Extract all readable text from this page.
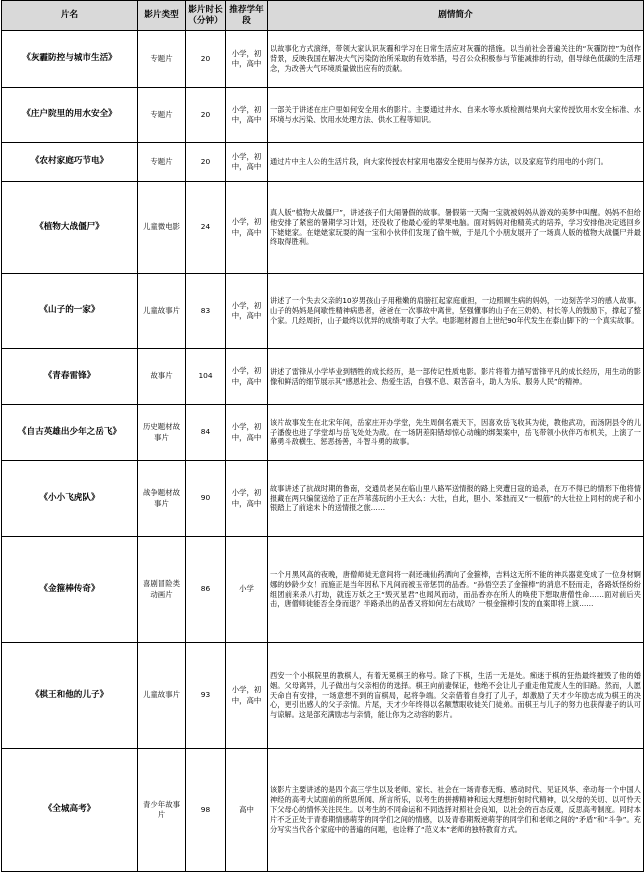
片名	影片类型	影片时长（分钟）	推荐学年段	剧情简介
《灰霾防控与城市生活》	专题片	20	小学，初中，高中	以故事化方式演绎，带领大家认识灰霾和学习在日常生活应对灰霾的措施。以当前社会普遍关注的“灰霾防控”为创作背景，反映我国在解决大气污染防治所采取的有效举措，号召公众积极参与节能减排的行动，倡导绿色低碳的生活理念，为改善大气环境质量做出应有的贡献。
《庄户院里的用水安全》	专题片	20	小学，初中，高中	一部关于讲述在庄户里如何安全用水的影片。主要通过井水、自来水等水质检测结果向大家传授饮用水安全标准、水环境与水污染、饮用水处理方法、供水工程等知识。
《农村家庭巧节电》	专题片	20	小学，初中，高中	通过片中主人公的生活片段，向大家传授农村家用电器安全使用与保养方法，以及家庭节约用电的小窍门。
《植物大战僵尸》	儿童微电影	24	小学，初中，高中	真人版“植物大战僵尸”，讲述孩子们大闹暑假的故事。暑假第一天陶一宝就被妈妈从游戏的美梦中叫醒。妈妈不但给他安排了紧密的暑期学习计划，还没收了他最心爱的苹果电脑。面对妈妈对他精英式的培养，学习安排他决定逃回乡下姥姥家。在姥姥家玩耍的淘一宝和小伙伴们发现了偷牛贼，于是几个小朋友展开了一场真人版的植物大战僵尸并最终取得胜利。
《山子的一家》	儿童故事片	83	小学，初中，高中	讲述了一个失去父亲的10岁男孩山子用稚嫩的肩膀扛起家庭重担，一边照顾生病的妈妈，一边刻苦学习的感人故事。山子的妈妈是间歇性精神病患者，爸爸在一次事故中离世，坚强懂事的山子在三奶奶、村长等人的鼓励下，撑起了整个家。几经周折，山子最终以优异的成绩考取了大学。电影题材源自上世纪90年代发生在泰山脚下的一个真实故事。
《青春雷锋》	故事片	104	小学，初中，高中	讲述了雷锋从小学毕业到牺牲的成长经历，是一部传记性质电影。影片将着力描写雷锋平凡的成长经历，用生动的影像和鲜活的细节展示其“感恩社会、热爱生活，自强不息、艰苦奋斗，助人为乐、服务人民”的精神。
《自古英雄出少年之岳飞》	历史题材故事片	84	小学，初中，高中	该片故事发生在北宋年间，岳家庄开办学堂，先生周侗名震天下，因喜欢岳飞收其为徒，教他武功，而汤阴县令的儿子潘俊也进了学堂却与岳飞处处为敌。在一场阴差阳错却惊心动魄的绑架案中，岳飞带领小伙伴巧布机关，上演了一幕勇斗敌横生、惩恶扬善，斗智斗勇的故事。
《小小飞虎队》	战争题材故事片	90	小学，初中，高中	故事讲述了抗战时期的鲁南，交通员老吴在临山里八路军送情报的路上突遭日寇的追杀，在万不得已的情形下他将情报藏在两只编筐送给了正在芦苇荡玩的小王大么：大壮，自此，胆小、笨拙而又“一根筋”的大壮拉上同村的虎子和小银踏上了前途未卜的送情报之旅……
《金箍棒传奇》	喜剧冒险类动画片	86	小学	一个月黑风高的夜晚，唐僧师徒无意间将一刹还魂仙药洒向了金箍棒，吉料这无所不能的神兵器竟变成了一位身材婀娜的妙龄少女！而施正是当年因私下凡间而被玉帝惩罚的品香。“孙悟空丢了金箍棒”的消息不胫而走，各路妖怪纷纷组团前来杀八打劫，就连万妖之王“毁灭星君”也闻风而动，而品香亦在所人的唤使下想取唐僧性命……面对前后夹击，唐僧师徒能否全身而退？半路杀出的品香又将如何左右战局？一根金箍棒引发的血案即将上演……
《棋王和他的儿子》	儿童故事片	93	小学，初中，高中	西安一个小棋院里的教棋人，有着无冕棋王的称号。除了下棋，生活一无是处。痴迷于棋的狂热最终摧毁了他的婚姻。父母离异，儿子做出与父亲相仿的选择。棋王向前妻保证，他绝不会让儿子重走他荒废人生的旧路。然而，人愿天命自有安排，一场意想不到的盲棋局，起将争端。父亲借着自身打了儿子，却激励了天才少年励志成为棋王的决心，更引出感人的父子亲情。片尾，天才少年终得以名额慧眼收徒关门徒弟。而棋王与儿子的努力也获得妻子的认可与谅解。这是部充满励志与亲情，能让你为之动容的影片。
《全城高考》	青少年故事片	98	高中	该影片主要讲述的是四个高三学生以及老师、家长、社会在一场青春无悔、感动时代、见证风华、牵动每一个中国人神经的高考大试面前的所思所闻、所言所乐，以考生的拼搏精神和远大理想折射时代精神，以父母的关切、以可怜天下父母心的情怀关注民生。以考生的不同命运和不同选择对照社会良知，以社会的百态反观，反思高考制度。同时本片不乏正处于青春期情感萌芽的同学们之间的情感，以及青春期叛逆萌芽的同学们和老师之间的“矛盾”和“斗争”。充分写实当代各个家庭中的普遍的问题，也诠释了“范义本”老师的独特教育方式。
